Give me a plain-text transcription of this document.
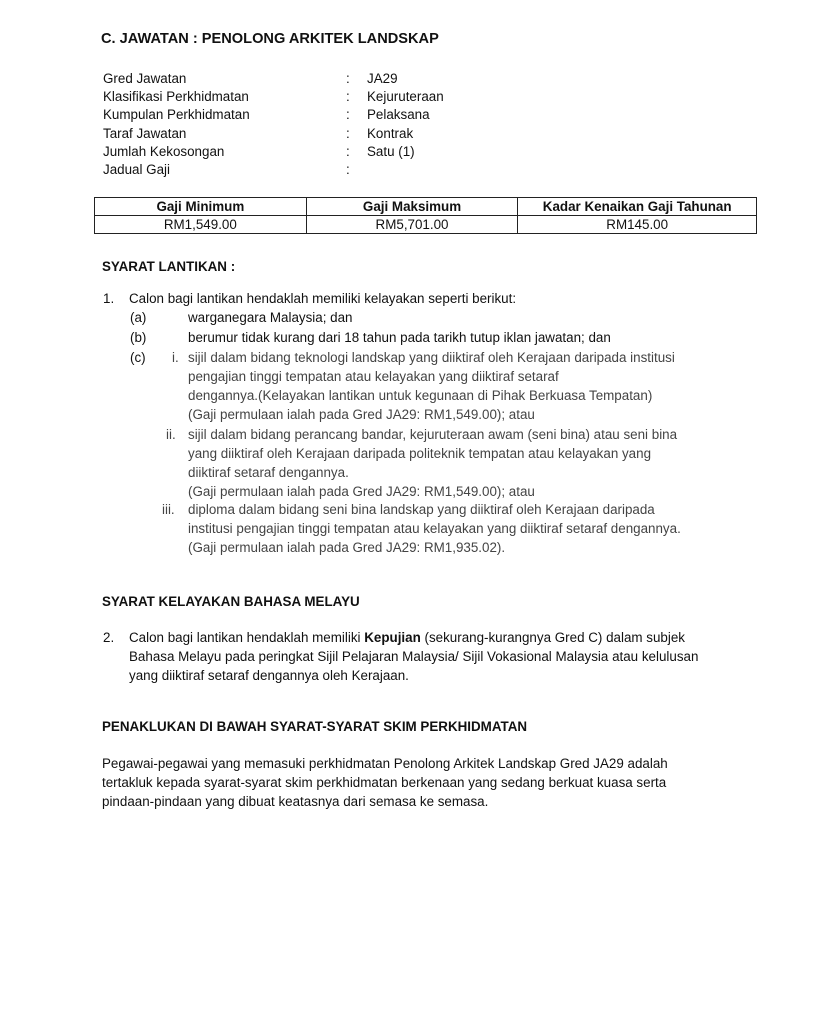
C. JAWATAN : PENOLONG ARKITEK LANDSKAP
Gred Jawatan	: JA29
Klasifikasi Perkhidmatan	: Kejuruteraan
Kumpulan Perkhidmatan	: Pelaksana
Taraf Jawatan	: Kontrak
Jumlah Kekosongan	: Satu (1)
Jadual Gaji	:
Gaji Minimum	Gaji Maksimum	Kadar Kenaikan Gaji Tahunan
RM1,549.00	RM5,701.00	RM145.00
SYARAT LANTIKAN :
1. Calon bagi lantikan hendaklah memiliki kelayakan seperti berikut:
(a)	warganegara Malaysia; dan
(b)	berumur tidak kurang dari 18 tahun pada tarikh tutup iklan jawatan; dan
(c) i. sijil dalam bidang teknologi landskap yang diiktiraf oleh Kerajaan daripada institusi
pengajian tinggi tempatan atau kelayakan yang diiktiraf setaraf
dengannya.(Kelayakan lantikan untuk kegunaan di Pihak Berkuasa Tempatan)
(Gaji permulaan ialah pada Gred JA29: RM1,549.00); atau
ii. sijil dalam bidang perancang bandar, kejuruteraan awam (seni bina) atau seni bina
yang diiktiraf oleh Kerajaan daripada politeknik tempatan atau kelayakan yang
diiktiraf setaraf dengannya.
(Gaji permulaan ialah pada Gred JA29: RM1,549.00); atau
iii. diploma dalam bidang seni bina landskap yang diiktiraf oleh Kerajaan daripada
institusi pengajian tinggi tempatan atau kelayakan yang diiktiraf setaraf dengannya.
(Gaji permulaan ialah pada Gred JA29: RM1,935.02).
SYARAT KELAYAKAN BAHASA MELAYU
2. Calon bagi lantikan hendaklah memiliki Kepujian (sekurang-kurangnya Gred C) dalam subjek
Bahasa Melayu pada peringkat Sijil Pelajaran Malaysia/ Sijil Vokasional Malaysia atau kelulusan
yang diiktiraf setaraf dengannya oleh Kerajaan.
PENAKLUKAN DI BAWAH SYARAT-SYARAT SKIM PERKHIDMATAN
Pegawai-pegawai yang memasuki perkhidmatan Penolong Arkitek Landskap Gred JA29 adalah
tertakluk kepada syarat-syarat skim perkhidmatan berkenaan yang sedang berkuat kuasa serta
pindaan-pindaan yang dibuat keatasnya dari semasa ke semasa.
